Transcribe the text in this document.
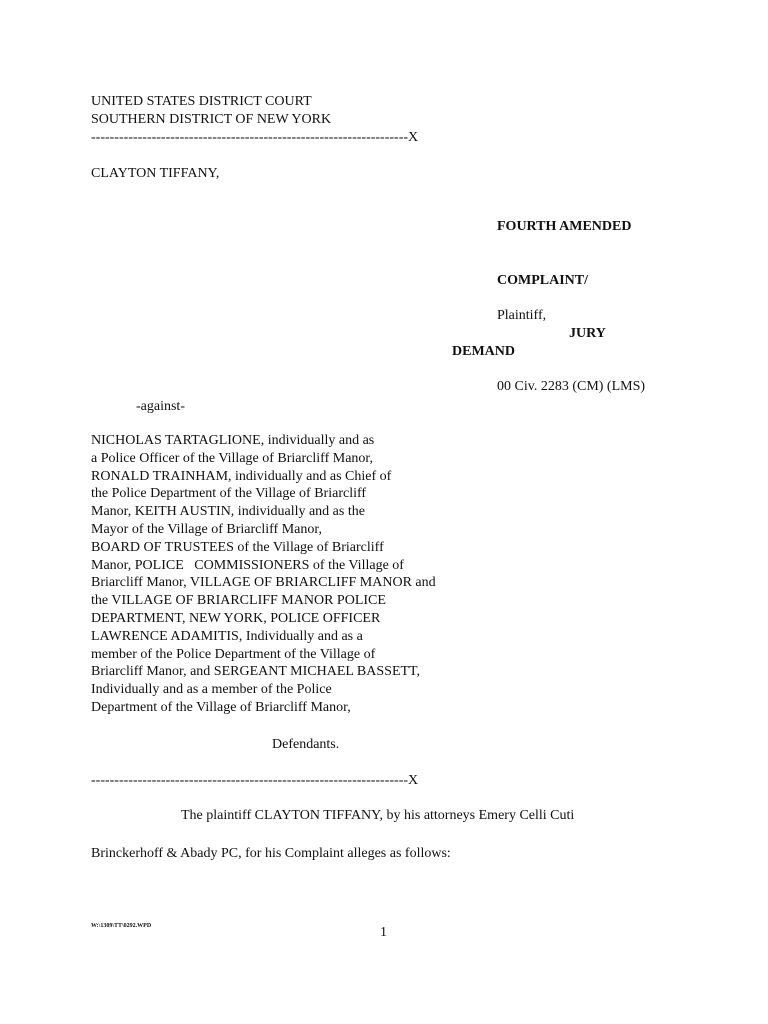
UNITED STATES DISTRICT COURT
SOUTHERN DISTRICT OF NEW YORK
--------------------------------------------------------------------X
CLAYTON TIFFANY,
FOURTH AMENDED
COMPLAINT/
Plaintiff,
JURY
DEMAND
00 Civ. 2283 (CM) (LMS)
-against-
NICHOLAS TARTAGLIONE, individually and as
a Police Officer of the Village of Briarcliff Manor,
RONALD TRAINHAM, individually and as Chief of
the Police Department of the Village of Briarcliff
Manor, KEITH AUSTIN, individually and as the
Mayor of the Village of Briarcliff Manor,
BOARD OF TRUSTEES of the Village of Briarcliff
Manor, POLICE   COMMISSIONERS of the Village of
Briarcliff Manor, VILLAGE OF BRIARCLIFF MANOR and
the VILLAGE OF BRIARCLIFF MANOR POLICE
DEPARTMENT, NEW YORK, POLICE OFFICER
LAWRENCE ADAMITIS, Individually and as a
member of the Police Department of the Village of
Briarcliff Manor, and SERGEANT MICHAEL BASSETT,
Individually and as a member of the Police
Department of the Village of Briarcliff Manor,
Defendants.
--------------------------------------------------------------------X
The plaintiff CLAYTON TIFFANY, by his attorneys Emery Celli Cuti
Brinckerhoff & Abady PC, for his Complaint alleges as follows:
W:\1309\TT\0292.WPD	1
